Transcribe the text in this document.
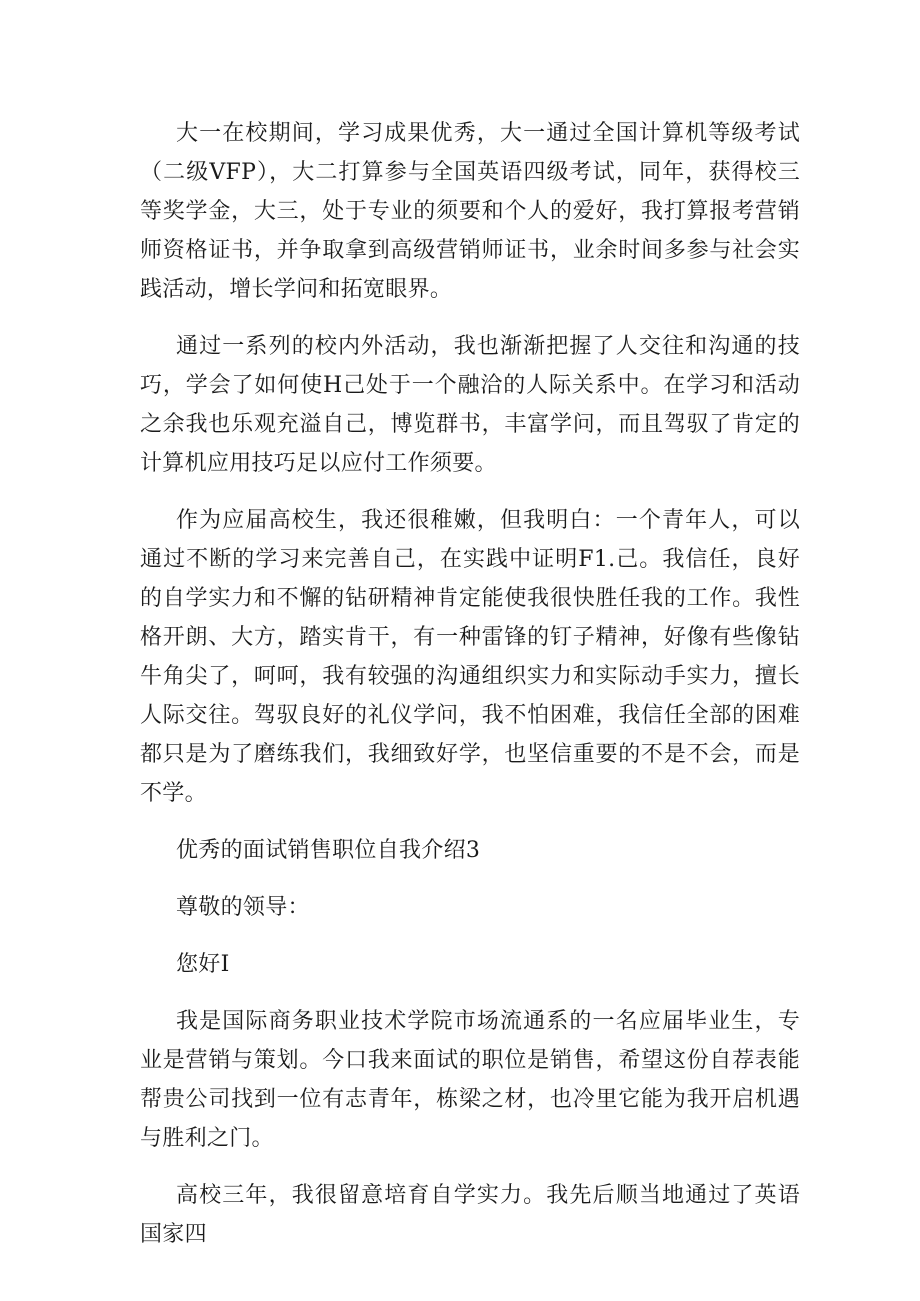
大一在校期间，学习成果优秀，大一通过全国计算机等级考试（二级VFP），大二打算参与全国英语四级考试，同年，获得校三等奖学金，大三，处于专业的须要和个人的爱好，我打算报考营销师资格证书，并争取拿到高级营销师证书，业余时间多参与社会实践活动，增长学问和拓宽眼界。

通过一系列的校内外活动，我也渐渐把握了人交往和沟通的技巧，学会了如何使H己处于一个融洽的人际关系中。在学习和活动之余我也乐观充溢自己，博览群书，丰富学问，而且驾驭了肯定的计算机应用技巧足以应付工作须要。

作为应届高校生，我还很稚嫩，但我明白：一个青年人，可以通过不断的学习来完善自己，在实践中证明F1.己。我信任，良好的自学实力和不懈的钻研精神肯定能使我很快胜任我的工作。我性格开朗、大方，踏实肯干，有一种雷锋的钉子精神，好像有些像钻牛角尖了，呵呵，我有较强的沟通组织实力和实际动手实力，擅长人际交往。驾驭良好的礼仪学问，我不怕困难，我信任全部的困难都只是为了磨练我们，我细致好学，也坚信重要的不是不会，而是不学。

优秀的面试销售职位自我介绍3

尊敬的领导：

您好I

我是国际商务职业技术学院市场流通系的一名应届毕业生，专业是营销与策划。今口我来面试的职位是销售，希望这份自荐表能帮贵公司找到一位有志青年，栋梁之材，也冷里它能为我开启机遇与胜利之门。

高校三年，我很留意培育自学实力。我先后顺当地通过了英语国家四
